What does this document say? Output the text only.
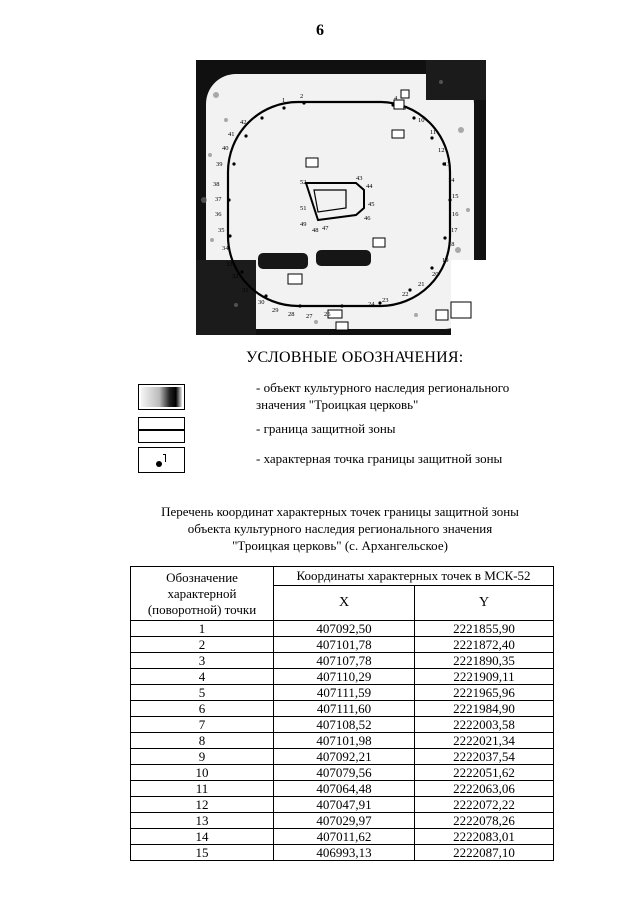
6
1
2	4
9
10
11
12
13
14
15
16
17
18
19
20
21
22
23
24
26
27
28
29
30
31
32
33
34
35
36
37
38
39
40
41
42
43
44
45
46
47
48
49
51
52
УСЛОВНЫЕ ОБОЗНАЧЕНИЯ:
- объект культурного наследия регионального
значения "Троицкая церковь"
- граница защитной зоны
- характерная точка границы защитной зоны
Перечень координат характерных точек границы защитной зоны
объекта культурного наследия регионального значения
"Троицкая церковь" (с. Архангельское)
Обозначение характерной (поворотной) точки	Координаты характерных точек в МСК-52	
	X	Y
1	407092,50	2221855,90
2	407101,78	2221872,40
3	407107,78	2221890,35
4	407110,29	2221909,11
5	407111,59	2221965,96
6	407111,60	2221984,90
7	407108,52	2222003,58
8	407101,98	2222021,34
9	407092,21	2222037,54
10	407079,56	2222051,62
11	407064,48	2222063,06
12	407047,91	2222072,22
13	407029,97	2222078,26
14	407011,62	2222083,01
15	406993,13	2222087,10
